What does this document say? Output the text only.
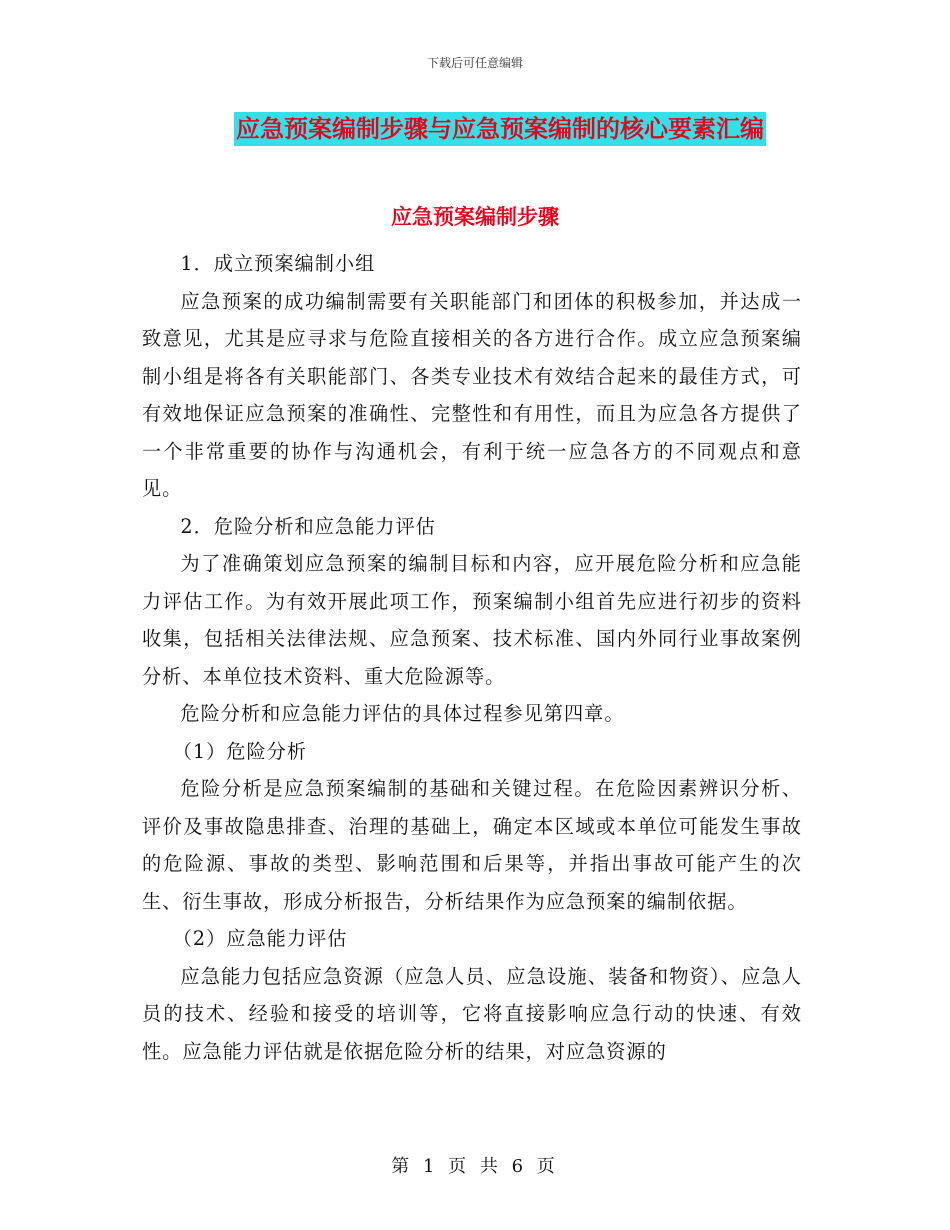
下载后可任意编辑
应急预案编制步骤与应急预案编制的核心要素汇编
应急预案编制步骤

1．成立预案编制小组

应急预案的成功编制需要有关职能部门和团体的积极参加，并达成一致意见，尤其是应寻求与危险直接相关的各方进行合作。成立应急预案编制小组是将各有关职能部门、各类专业技术有效结合起来的最佳方式，可有效地保证应急预案的准确性、完整性和有用性，而且为应急各方提供了一个非常重要的协作与沟通机会，有利于统一应急各方的不同观点和意见。

2．危险分析和应急能力评估

为了准确策划应急预案的编制目标和内容，应开展危险分析和应急能力评估工作。为有效开展此项工作，预案编制小组首先应进行初步的资料收集，包括相关法律法规、应急预案、技术标准、国内外同行业事故案例分析、本单位技术资料、重大危险源等。

危险分析和应急能力评估的具体过程参见第四章。

（1）危险分析

危险分析是应急预案编制的基础和关键过程。在危险因素辨识分析、评价及事故隐患排查、治理的基础上，确定本区域或本单位可能发生事故的危险源、事故的类型、影响范围和后果等，并指出事故可能产生的次生、衍生事故，形成分析报告，分析结果作为应急预案的编制依据。

（2）应急能力评估

应急能力包括应急资源（应急人员、应急设施、装备和物资）、应急人员的技术、经验和接受的培训等，它将直接影响应急行动的快速、有效性。应急能力评估就是依据危险分析的结果，对应急资源的

第 1 页 共 6 页
